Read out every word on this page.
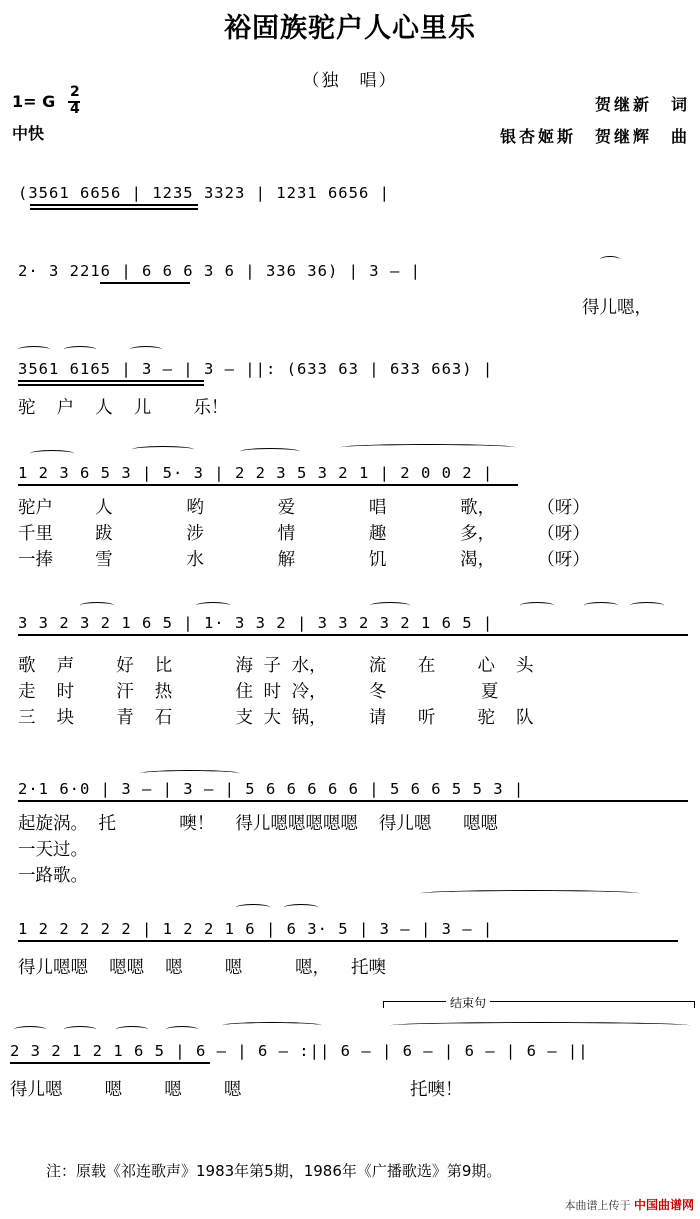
裕固族驼户人心里乐
（独　唱）
1= G 2
4
中快
贺继新　词
银杏姬斯　贺继辉　曲
(3561 6656 | 1235 3323 | 1231 6656 |
2· 3 2216 | 6 6 6 3 6 | 336 36) | 3 – |
得儿嗯，
3561 6165 | 3 – | 3 – ||: (633 63 | 633 663) |
驼  户  人  儿    乐！
1 2 3 6 5 3 | 5· 3 | 2 2 3 5 3 2 1 | 2 0 0 2 |
驼户    人       哟       爱       唱       歌，    （呀）
千里    跋       涉       情       趣       多，    （呀）
一捧    雪       水       解       饥       渴，    （呀）
3 3 2 3 2 1 6 5 | 1· 3 3 2 | 3 3 2 3 2 1 6 5 |
歌  声    好  比      海 子 水，    流   在    心  头
走  时    汗  热      住 时 冷，    冬         夏
三  块    青  石      支 大 锅，    请   听    驼  队
2·1 6·0 | 3 – | 3 – | 5 6 6 6 6 6 | 5 6 6 5 5 3 |
起旋涡。 托      噢！  得儿嗯嗯嗯嗯嗯  得儿嗯   嗯嗯
一天过。
一路歌。
1 2 2 2 2 2 | 1 2 2 1 6 | 6 3· 5 | 3 – | 3 – |
得儿嗯嗯  嗯嗯  嗯    嗯     嗯，  托噢
结束句
2 3 2 1 2 1 6 5 | 6 – | 6 – :|| 6 – | 6 – | 6 – | 6 – ||
得儿嗯    嗯    嗯    嗯                托噢！
注：原载《祁连歌声》1983年第5期，1986年《广播歌选》第9期。
本曲谱上传于 中国曲谱网
